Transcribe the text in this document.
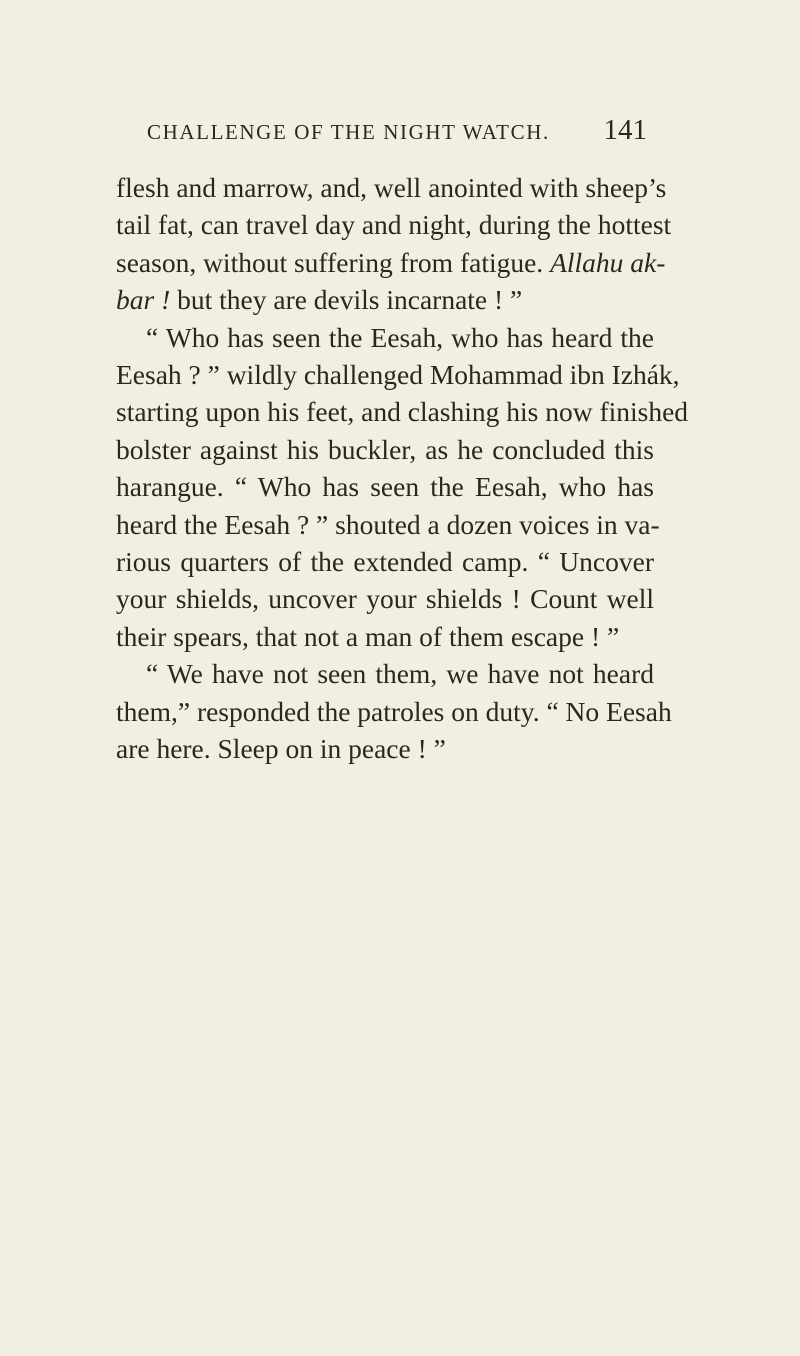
CHALLENGE OF THE NIGHT WATCH. 141
flesh and marrow, and, well anointed with sheep’s
tail fat, can travel day and night, during the hottest
season, without suffering from fatigue. Allahu ak-
bar ! but they are devils incarnate ! ”
“ Who has seen the Eesah, who has heard the
Eesah ? ” wildly challenged Mohammad ibn Izhák,
starting upon his feet, and clashing his now finished
bolster against his buckler, as he concluded this
harangue. “ Who has seen the Eesah, who has
heard the Eesah ? ” shouted a dozen voices in va-
rious quarters of the extended camp. “ Uncover
your shields, uncover your shields ! Count well
their spears, that not a man of them escape ! ”
“ We have not seen them, we have not heard
them,” responded the patroles on duty. “ No Eesah
are here. Sleep on in peace ! ”
